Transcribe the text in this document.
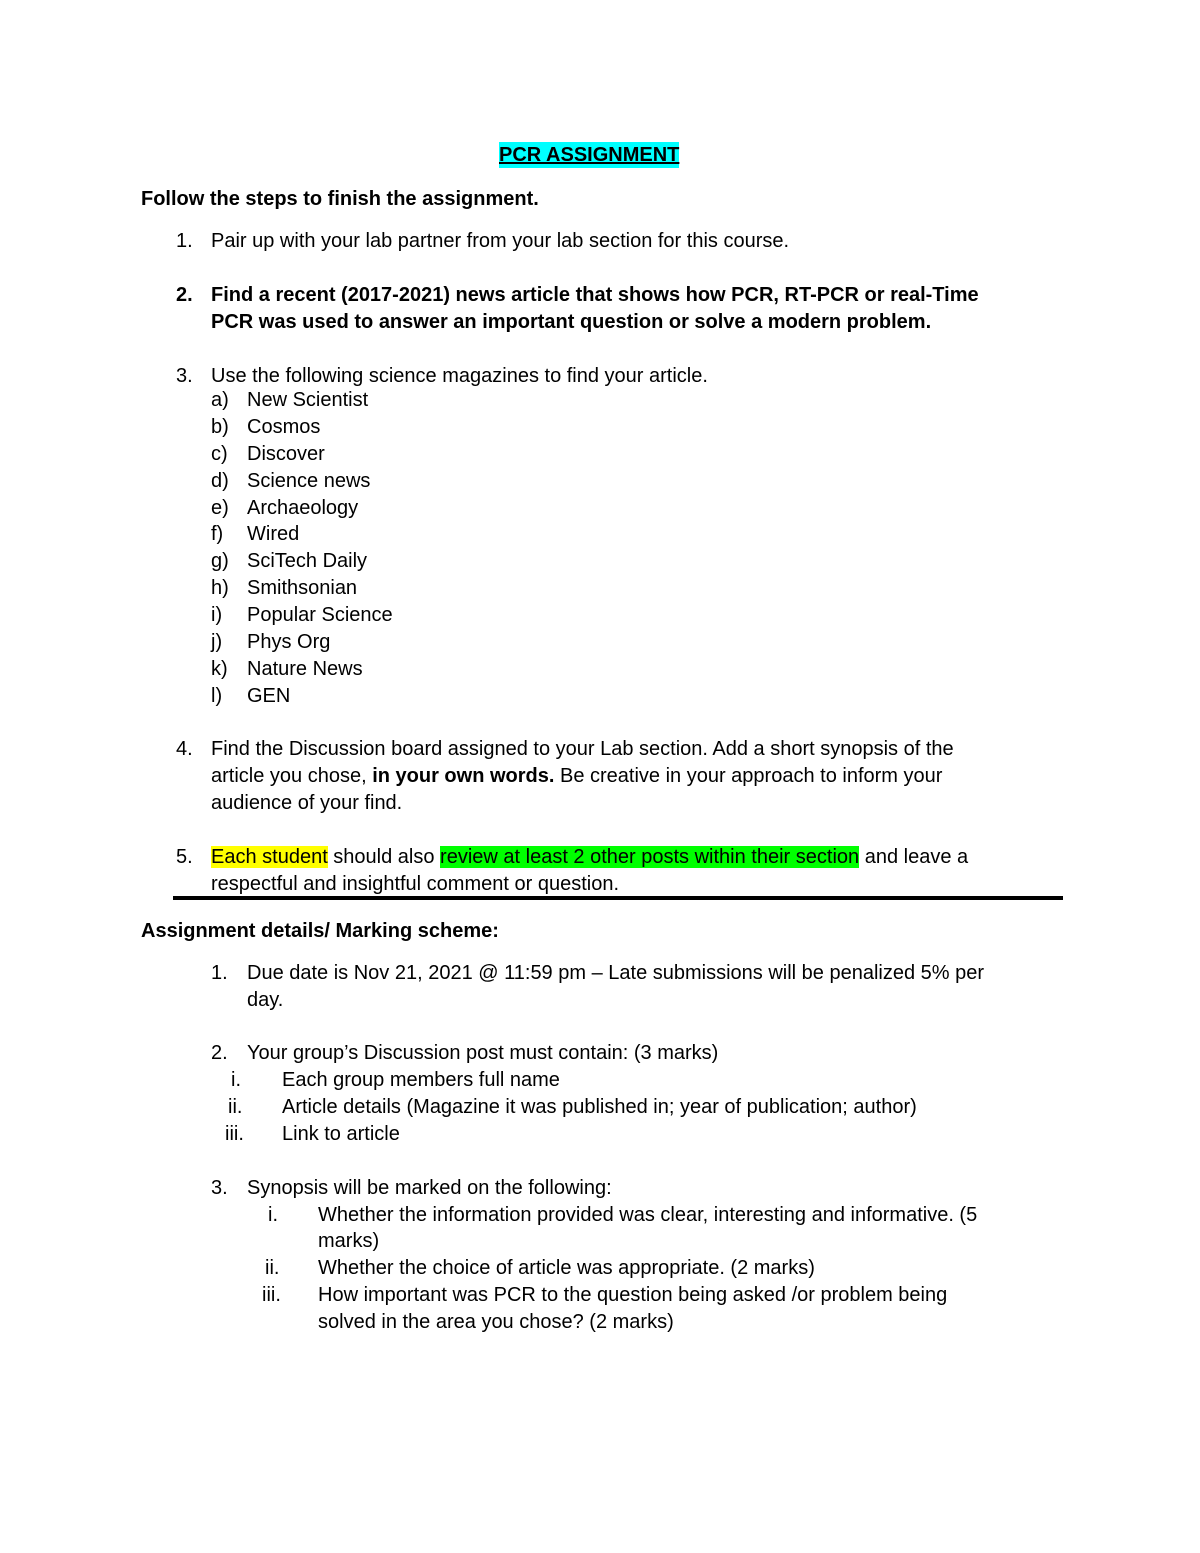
PCR ASSIGNMENT
Follow the steps to finish the assignment.
1. Pair up with your lab partner from your lab section for this course.
2. Find a recent (2017-2021) news article that shows how PCR, RT-PCR or real-Time
PCR was used to answer an important question or solve a modern problem.
3. Use the following science magazines to find your article.
a) New Scientist
b) Cosmos
c) Discover
d) Science news
e) Archaeology
f) Wired
g) SciTech Daily
h) Smithsonian
i) Popular Science
j) Phys Org
k) Nature News
l) GEN
4. Find the Discussion board assigned to your Lab section. Add a short synopsis of the
article you chose, in your own words. Be creative in your approach to inform your
audience of your find.
5. Each student should also review at least 2 other posts within their section and leave a
respectful and insightful comment or question.
Assignment details/ Marking scheme:
1. Due date is Nov 21, 2021 @ 11:59 pm – Late submissions will be penalized 5% per
day.
2. Your group’s Discussion post must contain: (3 marks)
i. Each group members full name
ii. Article details (Magazine it was published in; year of publication; author)
iii. Link to article
3. Synopsis will be marked on the following:
i. Whether the information provided was clear, interesting and informative. (5
marks)
ii. Whether the choice of article was appropriate. (2 marks)
iii. How important was PCR to the question being asked /or problem being
solved in the area you chose? (2 marks)
